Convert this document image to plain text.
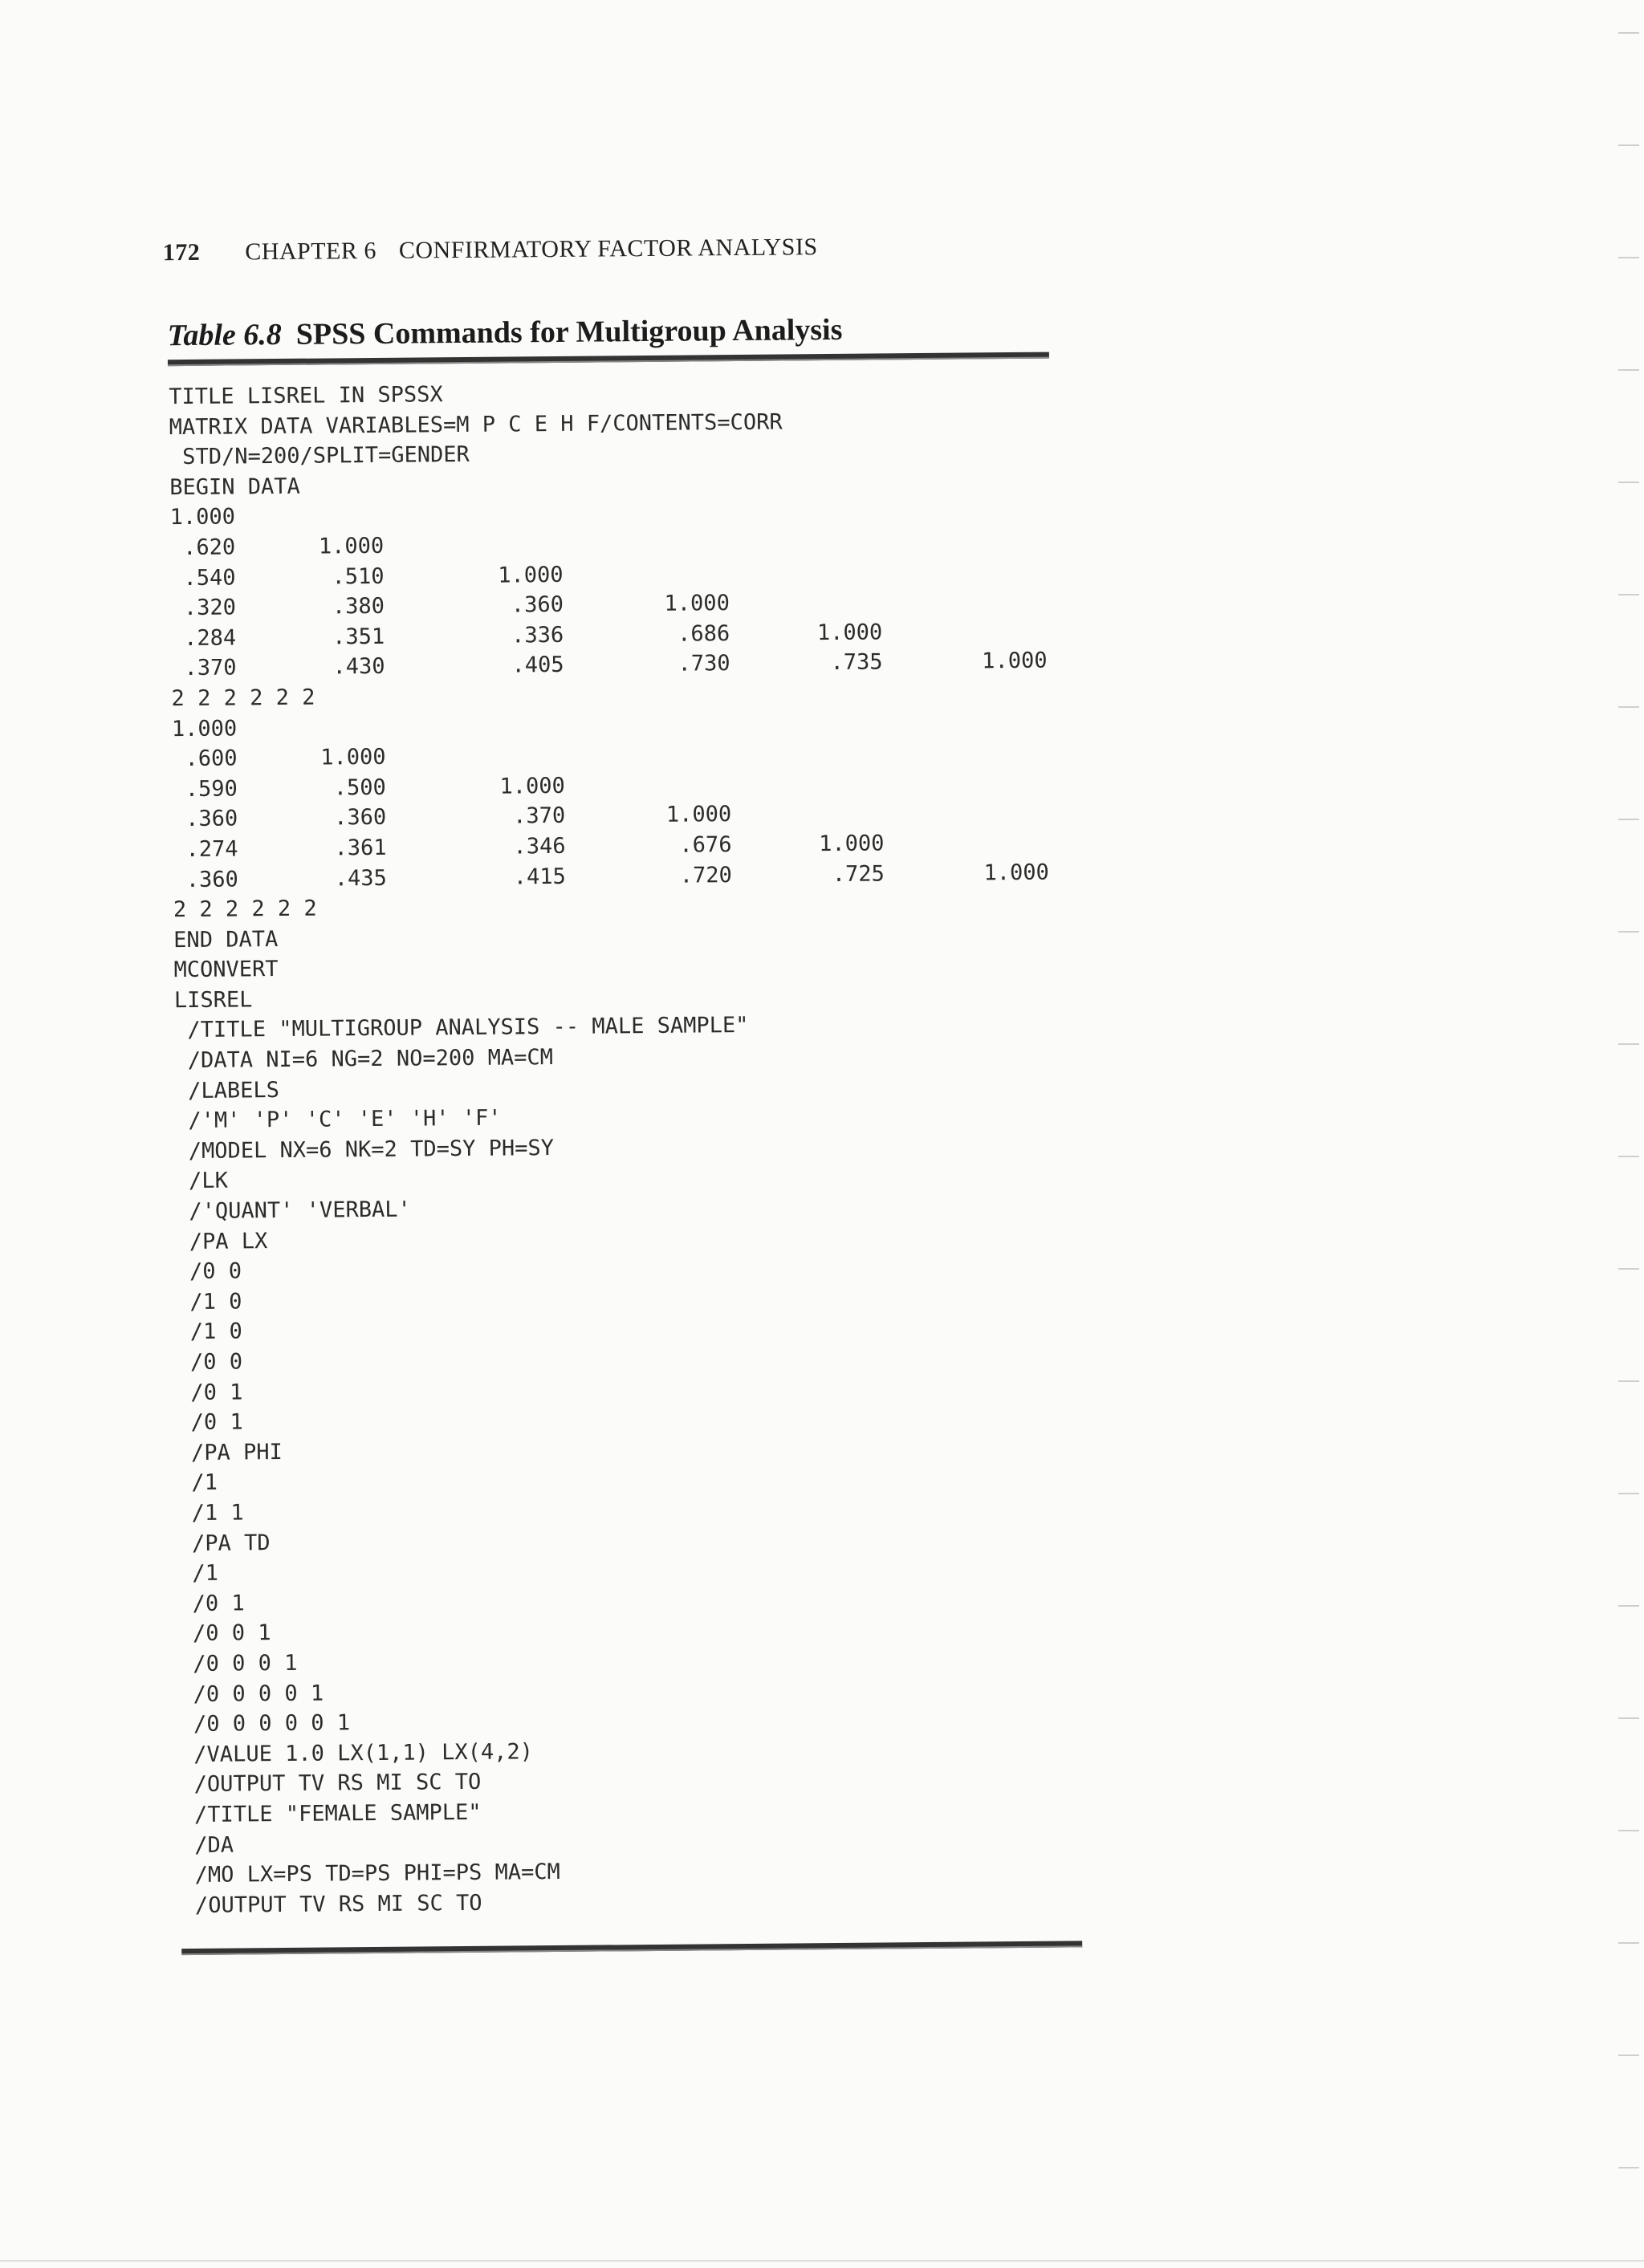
172 CHAPTER 6 CONFIRMATORY FACTOR ANALYSIS
Table 6.8 SPSS Commands for Multigroup Analysis
TITLE LISREL IN SPSSX
MATRIX DATA VARIABLES=M P C E H F/CONTENTS=CORR
STD/N=200/SPLIT=GENDER
BEGIN DATA
1.000
.620	1.000
.540	.510	1.000
.320	.380	.360	1.000
.284	.351	.336	.686	1.000
.370	.430	.405	.730	.735	1.000
2 2 2 2 2 2
1.000
.600	1.000
.590	.500	1.000
.360	.360	.370	1.000
.274	.361	.346	.676	1.000
.360	.435	.415	.720	.725	1.000
2 2 2 2 2 2
END DATA
MCONVERT
LISREL
/TITLE "MULTIGROUP ANALYSIS -- MALE SAMPLE"
/DATA NI=6 NG=2 NO=200 MA=CM
/LABELS
/'M' 'P' 'C' 'E' 'H' 'F'
/MODEL NX=6 NK=2 TD=SY PH=SY
/LK
/'QUANT' 'VERBAL'
/PA LX
/0 0
/1 0
/1 0
/0 0
/0 1
/0 1
/PA PHI
/1
/1 1
/PA TD
/1
/0 1
/0 0 1
/0 0 0 1
/0 0 0 0 1
/0 0 0 0 0 1
/VALUE 1.0 LX(1,1) LX(4,2)
/OUTPUT TV RS MI SC TO
/TITLE "FEMALE SAMPLE"
/DA
/MO LX=PS TD=PS PHI=PS MA=CM
/OUTPUT TV RS MI SC TO
